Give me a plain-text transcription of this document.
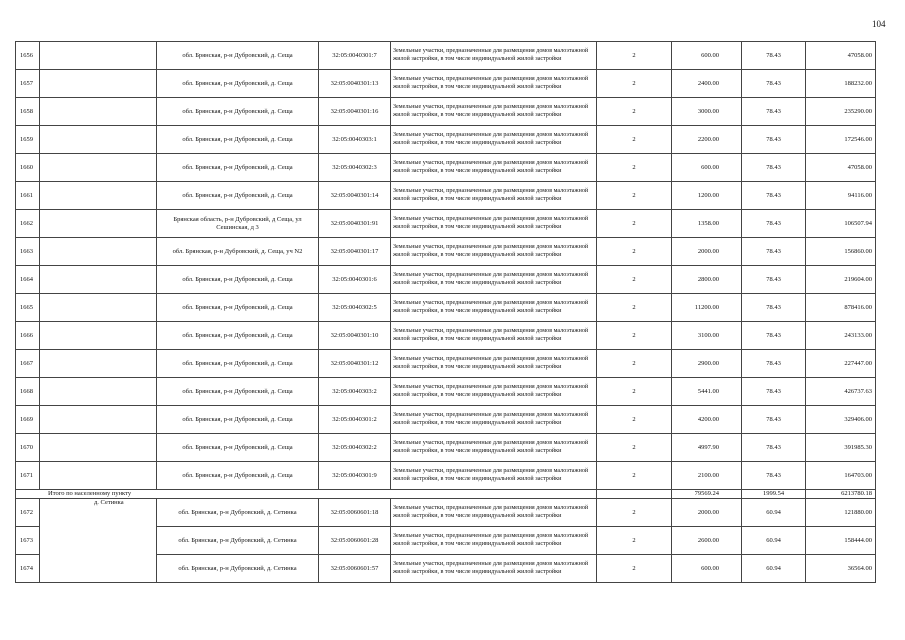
104
1656		обл. Брянская, р-н Дубровский, д. Сеща	32:05:0040301:7	Земельные участки, предназначенные для размещения домов малоэтажной жилой застройки, в том числе индивидуальной жилой застройки	2	600.00	78.43	47058.00
1657		обл. Брянская, р-н Дубровский, д. Сеща	32:05:0040301:13	Земельные участки, предназначенные для размещения домов малоэтажной жилой застройки, в том числе индивидуальной жилой застройки	2	2400.00	78.43	188232.00
1658		обл. Брянская, р-н Дубровский, д. Сеща	32:05:0040301:16	Земельные участки, предназначенные для размещения домов малоэтажной жилой застройки, в том числе индивидуальной жилой застройки	2	3000.00	78.43	235290.00
1659		обл. Брянская, р-н Дубровский, д. Сеща	32:05:0040303:1	Земельные участки, предназначенные для размещения домов малоэтажной жилой застройки, в том числе индивидуальной жилой застройки	2	2200.00	78.43	172546.00
1660		обл. Брянская, р-н Дубровский, д. Сеща	32:05:0040302:3	Земельные участки, предназначенные для размещения домов малоэтажной жилой застройки, в том числе индивидуальной жилой застройки	2	600.00	78.43	47058.00
1661		обл. Брянская, р-н Дубровский, д. Сеща	32:05:0040301:14	Земельные участки, предназначенные для размещения домов малоэтажной жилой застройки, в том числе индивидуальной жилой застройки	2	1200.00	78.43	94116.00
1662		Брянская область, р-н Дубровский, д Сеща, ул Сешинская, д 3	32:05:0040301:91	Земельные участки, предназначенные для размещения домов малоэтажной жилой застройки, в том числе индивидуальной жилой застройки	2	1358.00	78.43	106507.94
1663		обл. Брянская, р-н Дубровский, д. Сеща, уч N2	32:05:0040301:17	Земельные участки, предназначенные для размещения домов малоэтажной жилой застройки, в том числе индивидуальной жилой застройки	2	2000.00	78.43	156860.00
1664		обл. Брянская, р-н Дубровский, д. Сеща	32:05:0040301:6	Земельные участки, предназначенные для размещения домов малоэтажной жилой застройки, в том числе индивидуальной жилой застройки	2	2800.00	78.43	219604.00
1665		обл. Брянская, р-н Дубровский, д. Сеща	32:05:0040302:5	Земельные участки, предназначенные для размещения домов малоэтажной жилой застройки, в том числе индивидуальной жилой застройки	2	11200.00	78.43	878416.00
1666		обл. Брянская, р-н Дубровский, д. Сеща	32:05:0040301:10	Земельные участки, предназначенные для размещения домов малоэтажной жилой застройки, в том числе индивидуальной жилой застройки	2	3100.00	78.43	243133.00
1667		обл. Брянская, р-н Дубровский, д. Сеща	32:05:0040301:12	Земельные участки, предназначенные для размещения домов малоэтажной жилой застройки, в том числе индивидуальной жилой застройки	2	2900.00	78.43	227447.00
1668		обл. Брянская, р-н Дубровский, д. Сеща	32:05:0040303:2	Земельные участки, предназначенные для размещения домов малоэтажной жилой застройки, в том числе индивидуальной жилой застройки	2	5441.00	78.43	426737.63
1669		обл. Брянская, р-н Дубровский, д. Сеща	32:05:0040301:2	Земельные участки, предназначенные для размещения домов малоэтажной жилой застройки, в том числе индивидуальной жилой застройки	2	4200.00	78.43	329406.00
1670		обл. Брянская, р-н Дубровский, д. Сеща	32:05:0040302:2	Земельные участки, предназначенные для размещения домов малоэтажной жилой застройки, в том числе индивидуальной жилой застройки	2	4997.90	78.43	391985.30
1671		обл. Брянская, р-н Дубровский, д. Сеща	32:05:0040301:9	Земельные участки, предназначенные для размещения домов малоэтажной жилой застройки, в том числе индивидуальной жилой застройки	2	2100.00	78.43	164703.00
Итого по населенному пункту						79569.24	1999.54	6213780.18
1672	д. Сетинка	обл. Брянская, р-н Дубровский, д. Сетинка	32:05:0060601:18	Земельные участки, предназначенные для размещения домов малоэтажной жилой застройки, в том числе индивидуальной жилой застройки	2	2000.00	60.94	121880.00
1673		обл. Брянская, р-н Дубровский, д. Сетинка	32:05:0060601:28	Земельные участки, предназначенные для размещения домов малоэтажной жилой застройки, в том числе индивидуальной жилой застройки	2	2600.00	60.94	158444.00
1674		обл. Брянская, р-н Дубровский, д. Сетинка	32:05:0060601:57	Земельные участки, предназначенные для размещения домов малоэтажной жилой застройки, в том числе индивидуальной жилой застройки	2	600.00	60.94	36564.00
